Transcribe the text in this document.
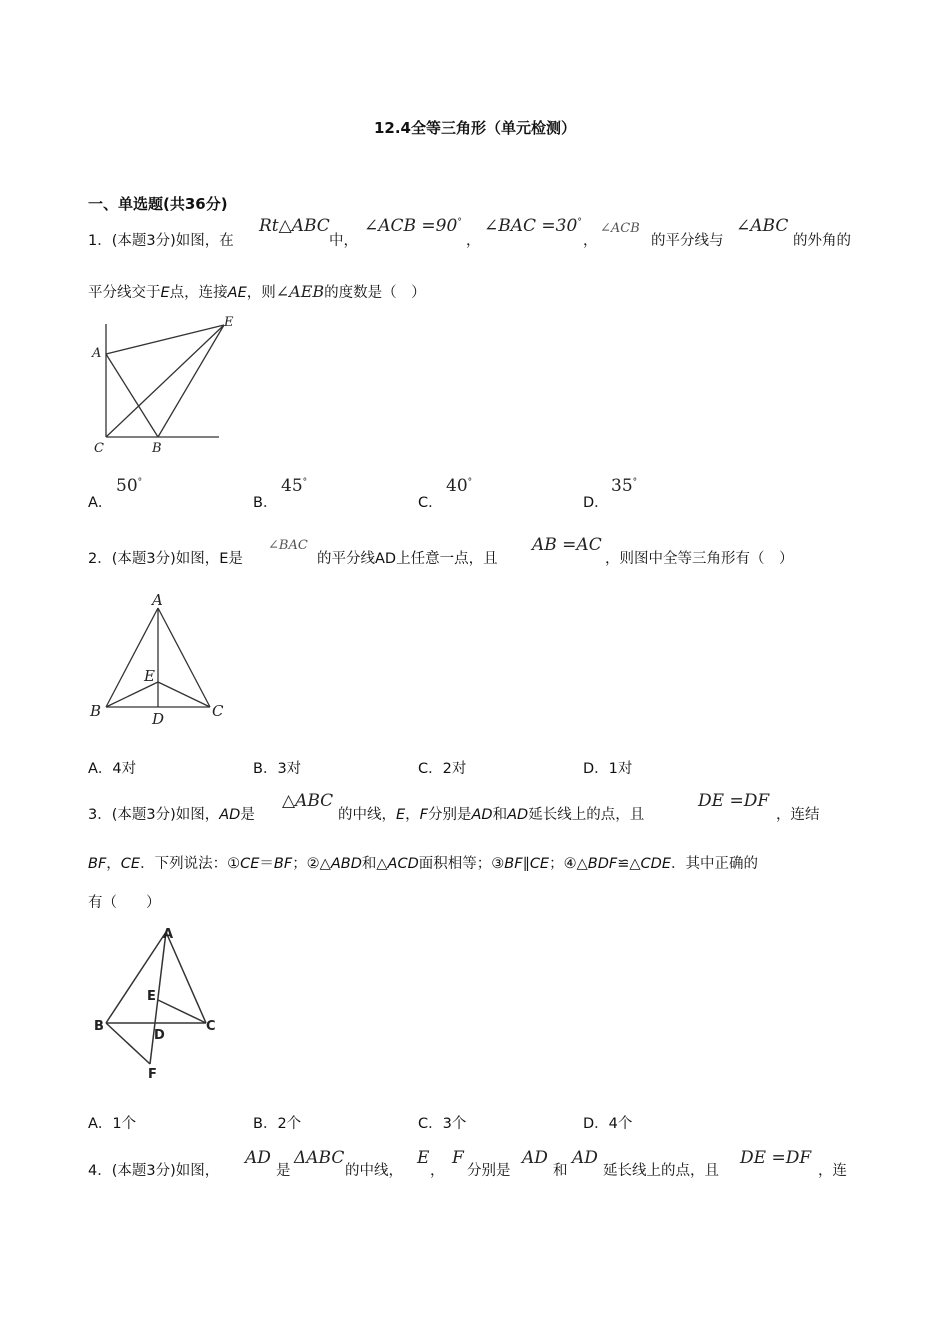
12.4全等三角形（单元检测）
一、单选题(共36分)
1．(本题3分)如图，在
Rt△ABC
中，
∠ACB =90°
，
∠BAC =30°
，
∠ACB
的平分线与
∠ABC
的外角的
平分线交于E点，连接AE，则∠AEB的度数是（　）
A
E
C	B
A．
50°
B．
45°
C．
40°
D．
35°
2．(本题3分)如图，E是
∠BAC
的平分线AD上任意一点，且
AB =AC
，则图中全等三角形有（　）
A
E
B	C
D
A．4对	B．3对	C．2对	D．1对
3．(本题3分)如图，AD是
△ABC
的中线，E，F分别是AD和AD延长线上的点，且
DE =DF
，连结
BF，CE．下列说法：①CE＝BF；②△ABD和△ACD面积相等；③BF∥CE；④△BDF≌△CDE．其中正确的
有（　　）
A
E
B	C
D
F
A．1个	B．2个	C．3个	D．4个
4．(本题3分)如图，
AD
是
ΔABC
的中线，
E
，
F
分别是
AD
和
AD
延长线上的点，且
DE =DF
，连
